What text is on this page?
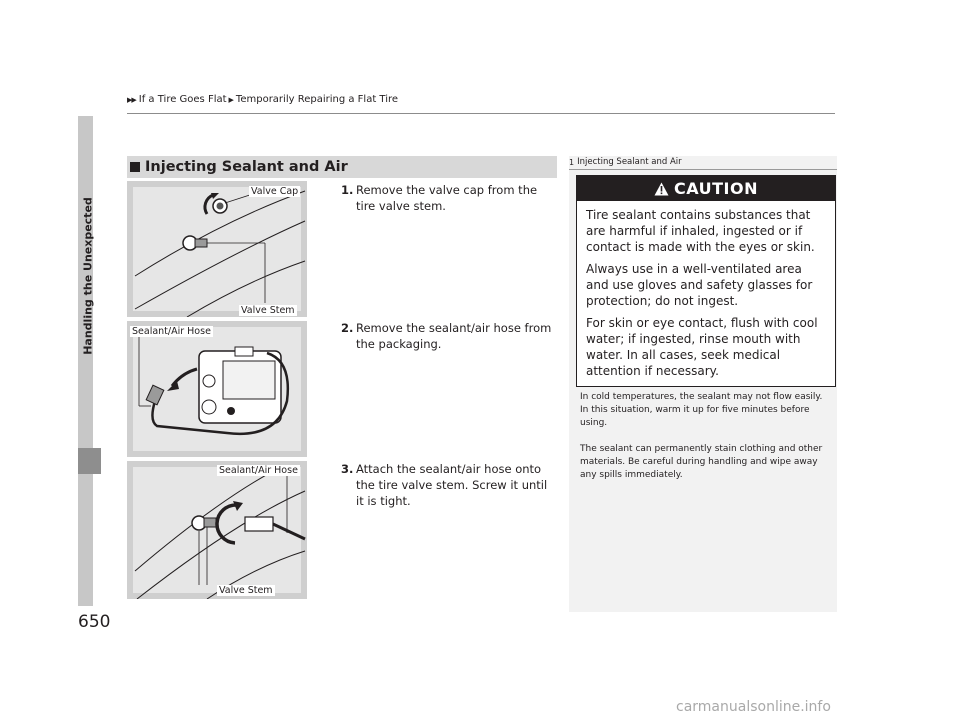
▶▶ If a Tire Goes Flat ▶ Temporarily Repairing a Flat Tire
Handling the Unexpected
650
Injecting Sealant and Air
Valve Cap
Valve Stem
Sealant/Air Hose
Sealant/Air Hose
Valve Stem
1. Remove the valve cap from the tire valve stem.
2. Remove the sealant/air hose from the packaging.
3. Attach the sealant/air hose onto the tire valve stem. Screw it until it is tight.
1 Injecting Sealant and Air
CAUTION

Tire sealant contains substances that are harmful if inhaled, ingested or if contact is made with the eyes or skin.

Always use in a well-ventilated area and use gloves and safety glasses for protection; do not ingest.

For skin or eye contact, flush with cool water; if ingested, rinse mouth with water. In all cases, seek medical attention if necessary.

In cold temperatures, the sealant may not flow easily. In this situation, warm it up for five minutes before using.

The sealant can permanently stain clothing and other materials. Be careful during handling and wipe away any spills immediately.

carmanualsonline.info
